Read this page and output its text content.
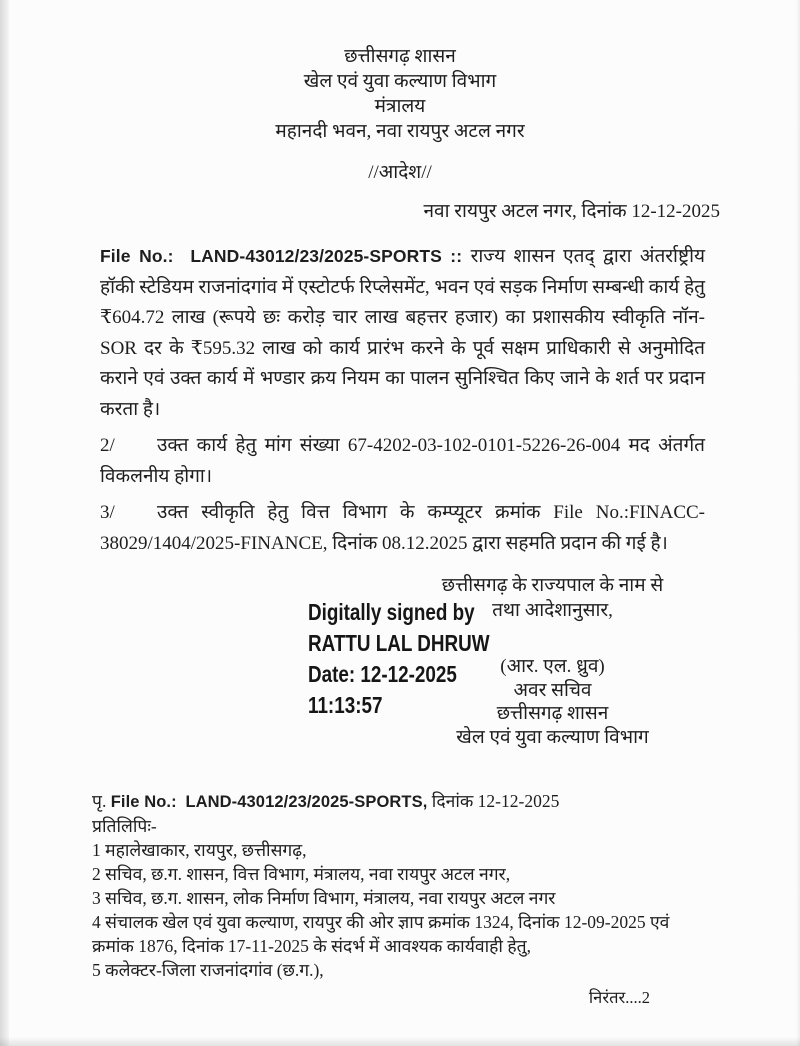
छत्तीसगढ़ शासन
खेल एवं युवा कल्याण विभाग
मंत्रालय
महानदी भवन, नवा रायपुर अटल नगर
//आदेश//
नवा रायपुर अटल नगर, दिनांक 12-12-2025

File No.: LAND-43012/23/2025-SPORTS :: राज्य शासन एतद् द्वारा अंतर्राष्ट्रीय हॉकी स्टेडियम राजनांदगांव में एस्टोटर्फ रिप्लेसमेंट, भवन एवं सड़क निर्माण सम्बन्धी कार्य हेतु ₹604.72 लाख (रूपये छः करोड़ चार लाख बहत्तर हजार) का प्रशासकीय स्वीकृति नॉन-SOR दर के ₹595.32 लाख को कार्य प्रारंभ करने के पूर्व सक्षम प्राधिकारी से अनुमोदित कराने एवं उक्त कार्य में भण्डार क्रय नियम का पालन सुनिश्चित किए जाने के शर्त पर प्रदान करता है।

2/ उक्त कार्य हेतु मांग संख्या 67-4202-03-102-0101-5226-26-004 मद अंतर्गत विकलनीय होगा।

3/ उक्त स्वीकृति हेतु वित्त विभाग के कम्प्यूटर क्रमांक File No.:FINACC-38029/1404/2025-FINANCE, दिनांक 08.12.2025 द्वारा सहमति प्रदान की गई है।

Digitally signed by
RATTU LAL DHRUW
Date: 12-12-2025
11:13:57
छत्तीसगढ़ के राज्यपाल के नाम से
तथा आदेशानुसार,
(आर. एल. ध्रुव)
अवर सचिव
छत्तीसगढ़ शासन
खेल एवं युवा कल्याण विभाग
पृ. File No.: LAND-43012/23/2025-SPORTS, दिनांक 12-12-2025
प्रतिलिपिः-
1 महालेखाकार, रायपुर, छत्तीसगढ़,
2 सचिव, छ.ग. शासन, वित्त विभाग, मंत्रालय, नवा रायपुर अटल नगर,
3 सचिव, छ.ग. शासन, लोक निर्माण विभाग, मंत्रालय, नवा रायपुर अटल नगर
4 संचालक खेल एवं युवा कल्याण, रायपुर की ओर ज्ञाप क्रमांक 1324, दिनांक 12-09-2025 एवं क्रमांक 1876, दिनांक 17-11-2025 के संदर्भ में आवश्यक कार्यवाही हेतु,
5 कलेक्टर-जिला राजनांदगांव (छ.ग.),
निरंतर....2
